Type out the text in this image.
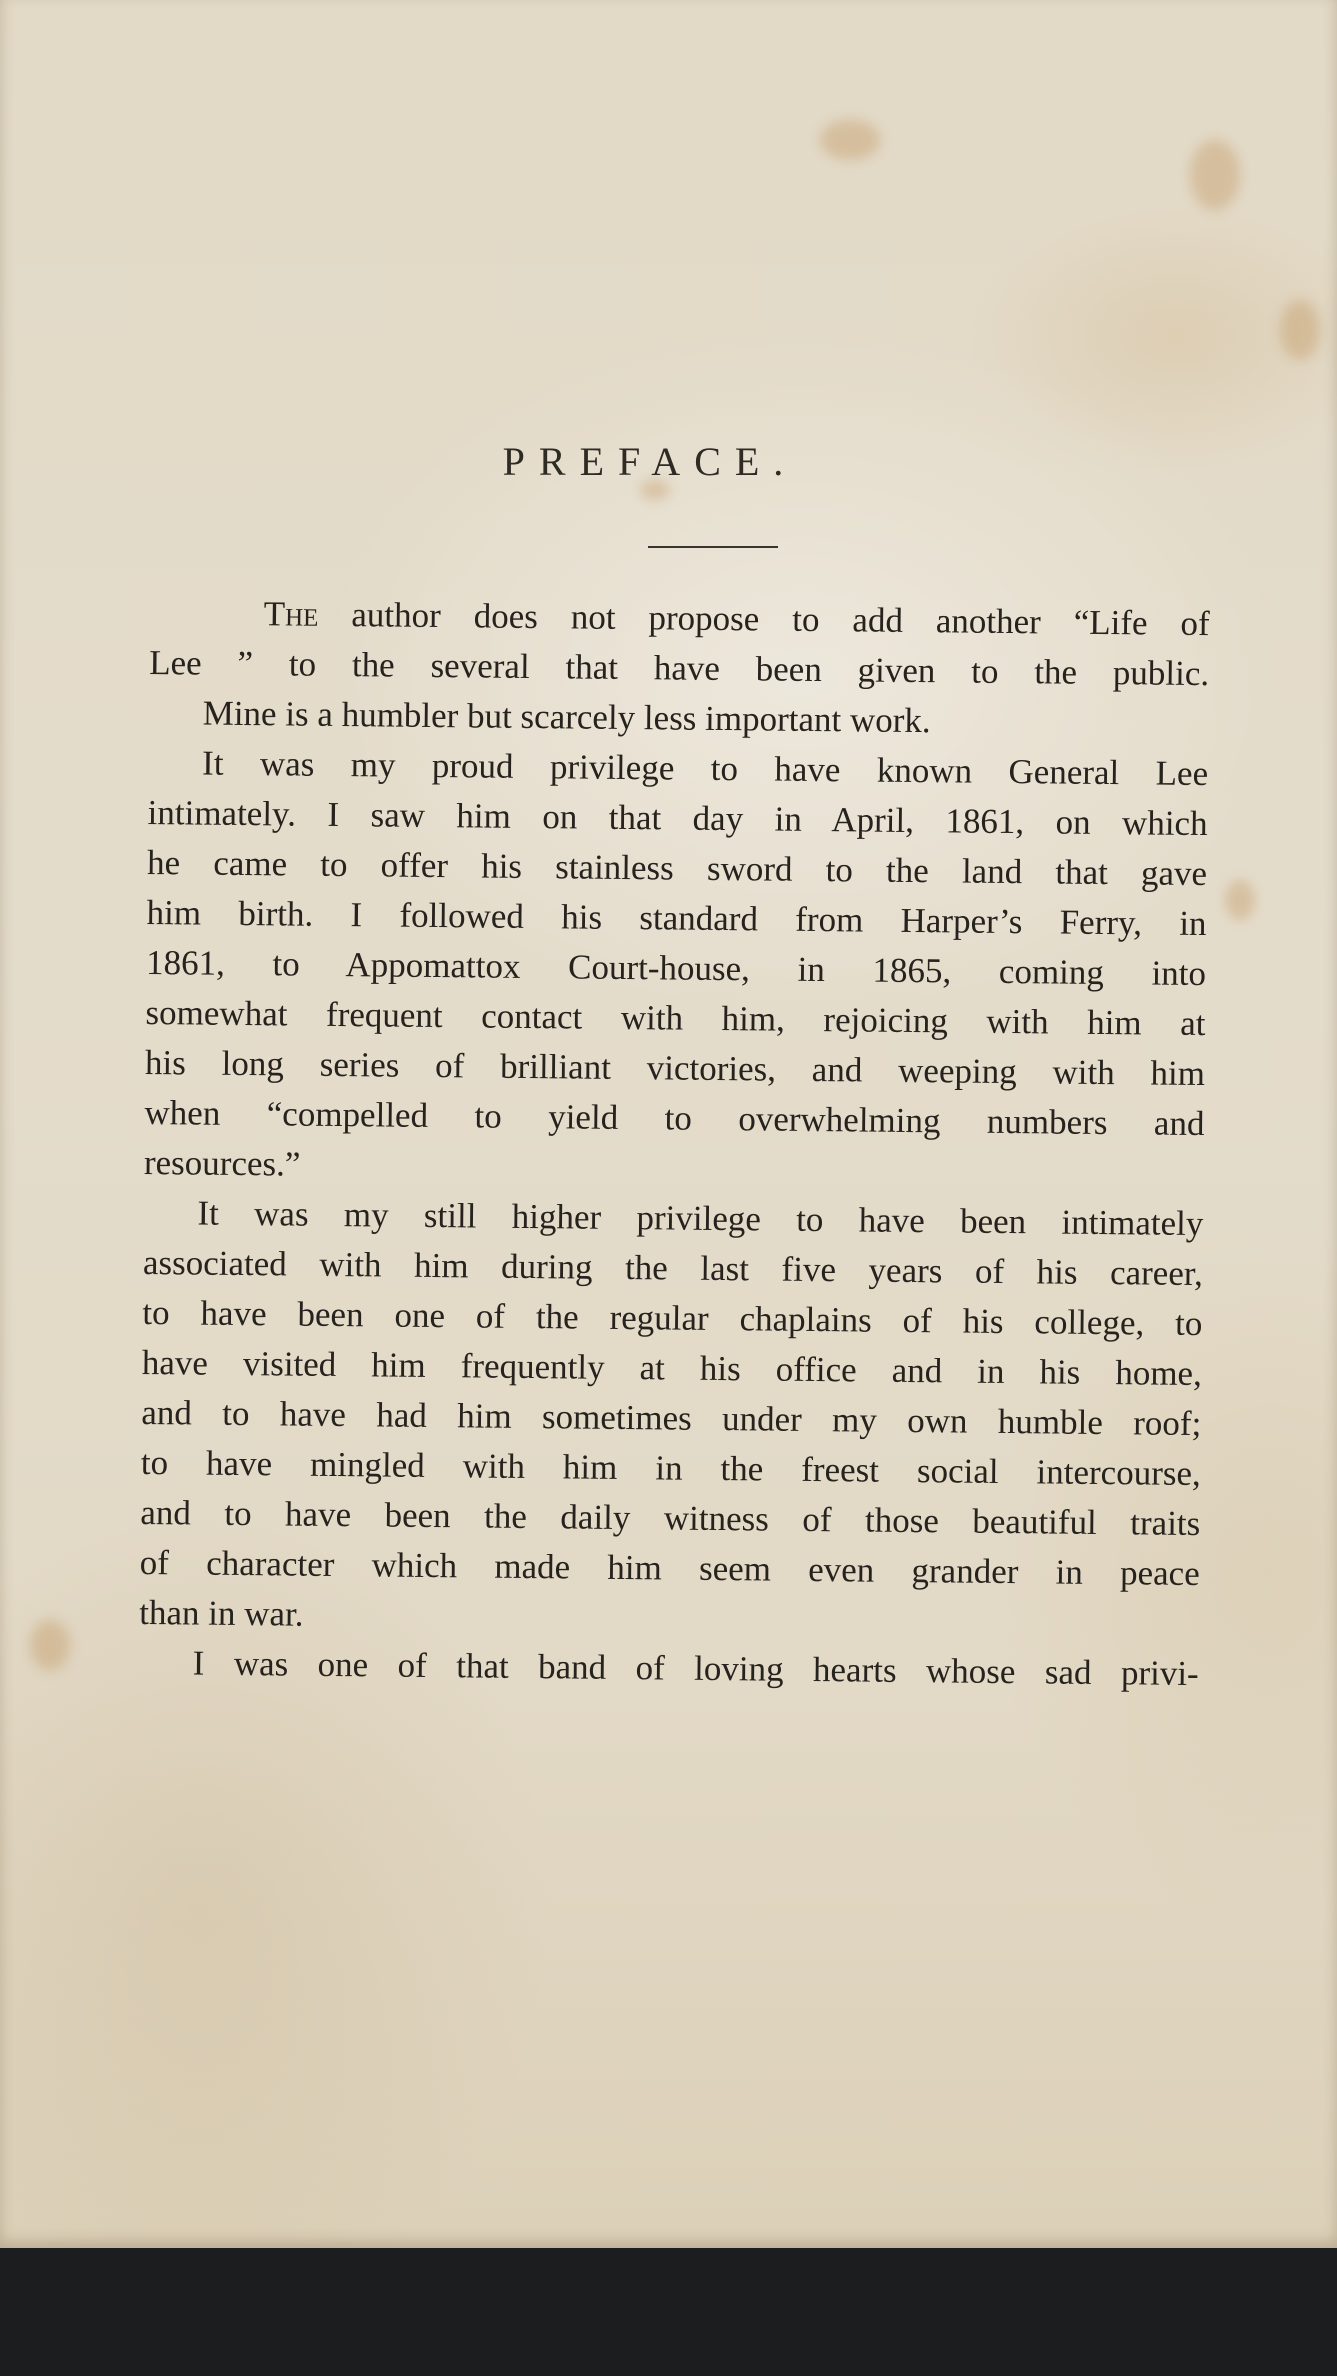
PREFACE.
The author does not propose to add another “Life of
Lee ” to the several that have been given to the public.
Mine is a humbler but scarcely less important work.
It was my proud privilege to have known General Lee
intimately. I saw him on that day in April, 1861, on which
he came to offer his stainless sword to the land that gave
him birth. I followed his standard from Harper’s Ferry, in
1861, to Appomattox Court-house, in 1865, coming into
somewhat frequent contact with him, rejoicing with him at
his long series of brilliant victories, and weeping with him
when “compelled to yield to overwhelming numbers and
resources.”
It was my still higher privilege to have been intimately
associated with him during the last five years of his career,
to have been one of the regular chaplains of his college, to
have visited him frequently at his office and in his home,
and to have had him sometimes under my own humble roof;
to have mingled with him in the freest social intercourse,
and to have been the daily witness of those beautiful traits
of character which made him seem even grander in peace
than in war.
I was one of that band of loving hearts whose sad privi-
